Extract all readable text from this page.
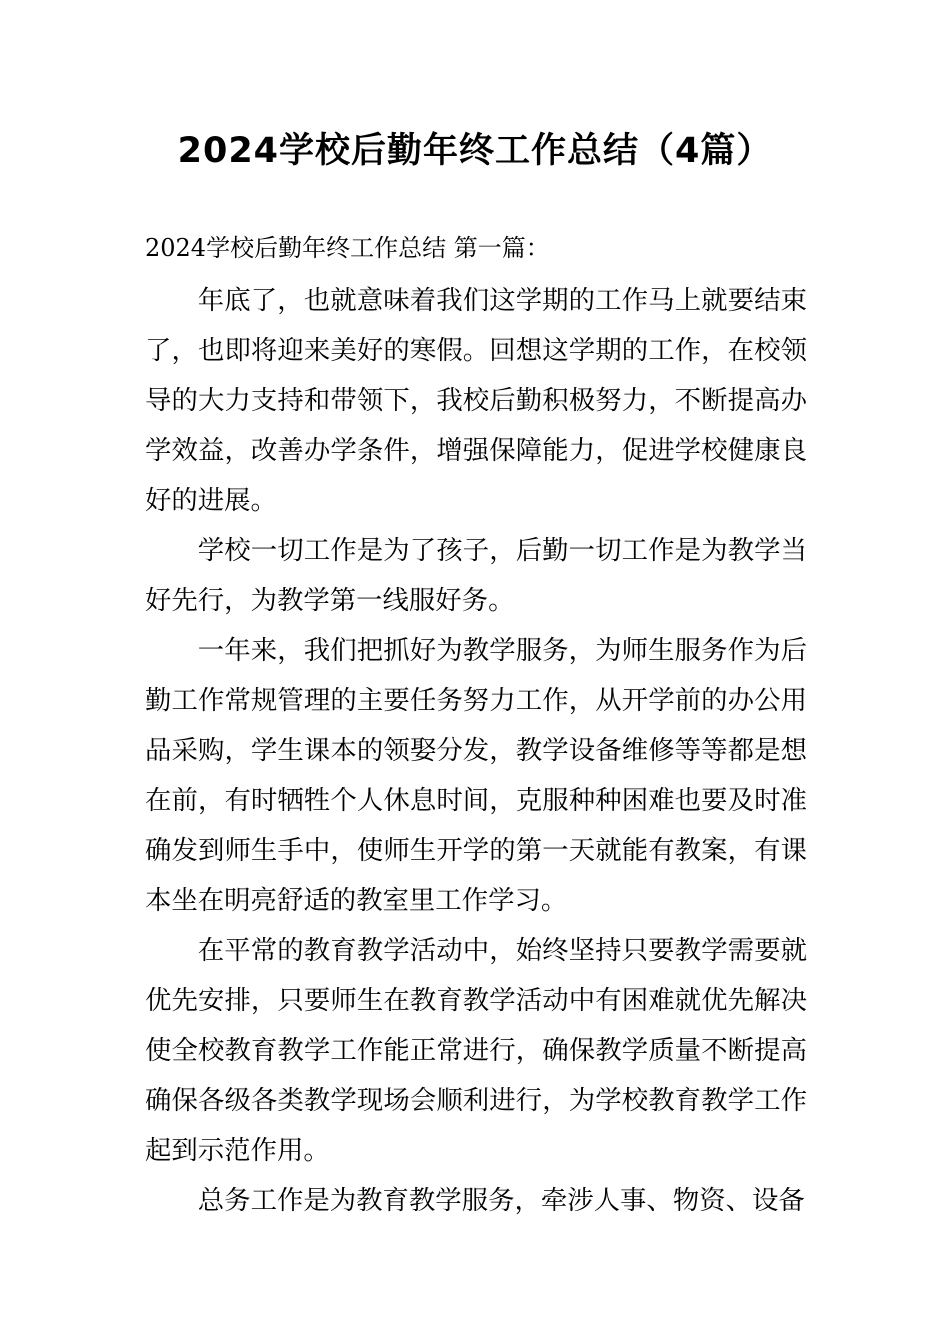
2024学校后勤年终工作总结（4篇）
2024学校后勤年终工作总结 第一篇：

年底了，也就意味着我们这学期的工作马上就要结束了，也即将迎来美好的寒假。回想这学期的工作，在校领导的大力支持和带领下，我校后勤积极努力，不断提高办学效益，改善办学条件，增强保障能力，促进学校健康良好的进展。

学校一切工作是为了孩子，后勤一切工作是为教学当好先行，为教学第一线服好务。

一年来，我们把抓好为教学服务，为师生服务作为后勤工作常规管理的主要任务努力工作，从开学前的办公用品采购，学生课本的领娶分发，教学设备维修等等都是想在前，有时牺牲个人休息时间，克服种种困难也要及时准确发到师生手中，使师生开学的第一天就能有教案，有课本坐在明亮舒适的教室里工作学习。

在平常的教育教学活动中，始终坚持只要教学需要就优先安排，只要师生在教育教学活动中有困难就优先解决使全校教育教学工作能正常进行，确保教学质量不断提高确保各级各类教学现场会顺利进行，为学校教育教学工作起到示范作用。

总务工作是为教育教学服务，牵涉人事、物资、设备
